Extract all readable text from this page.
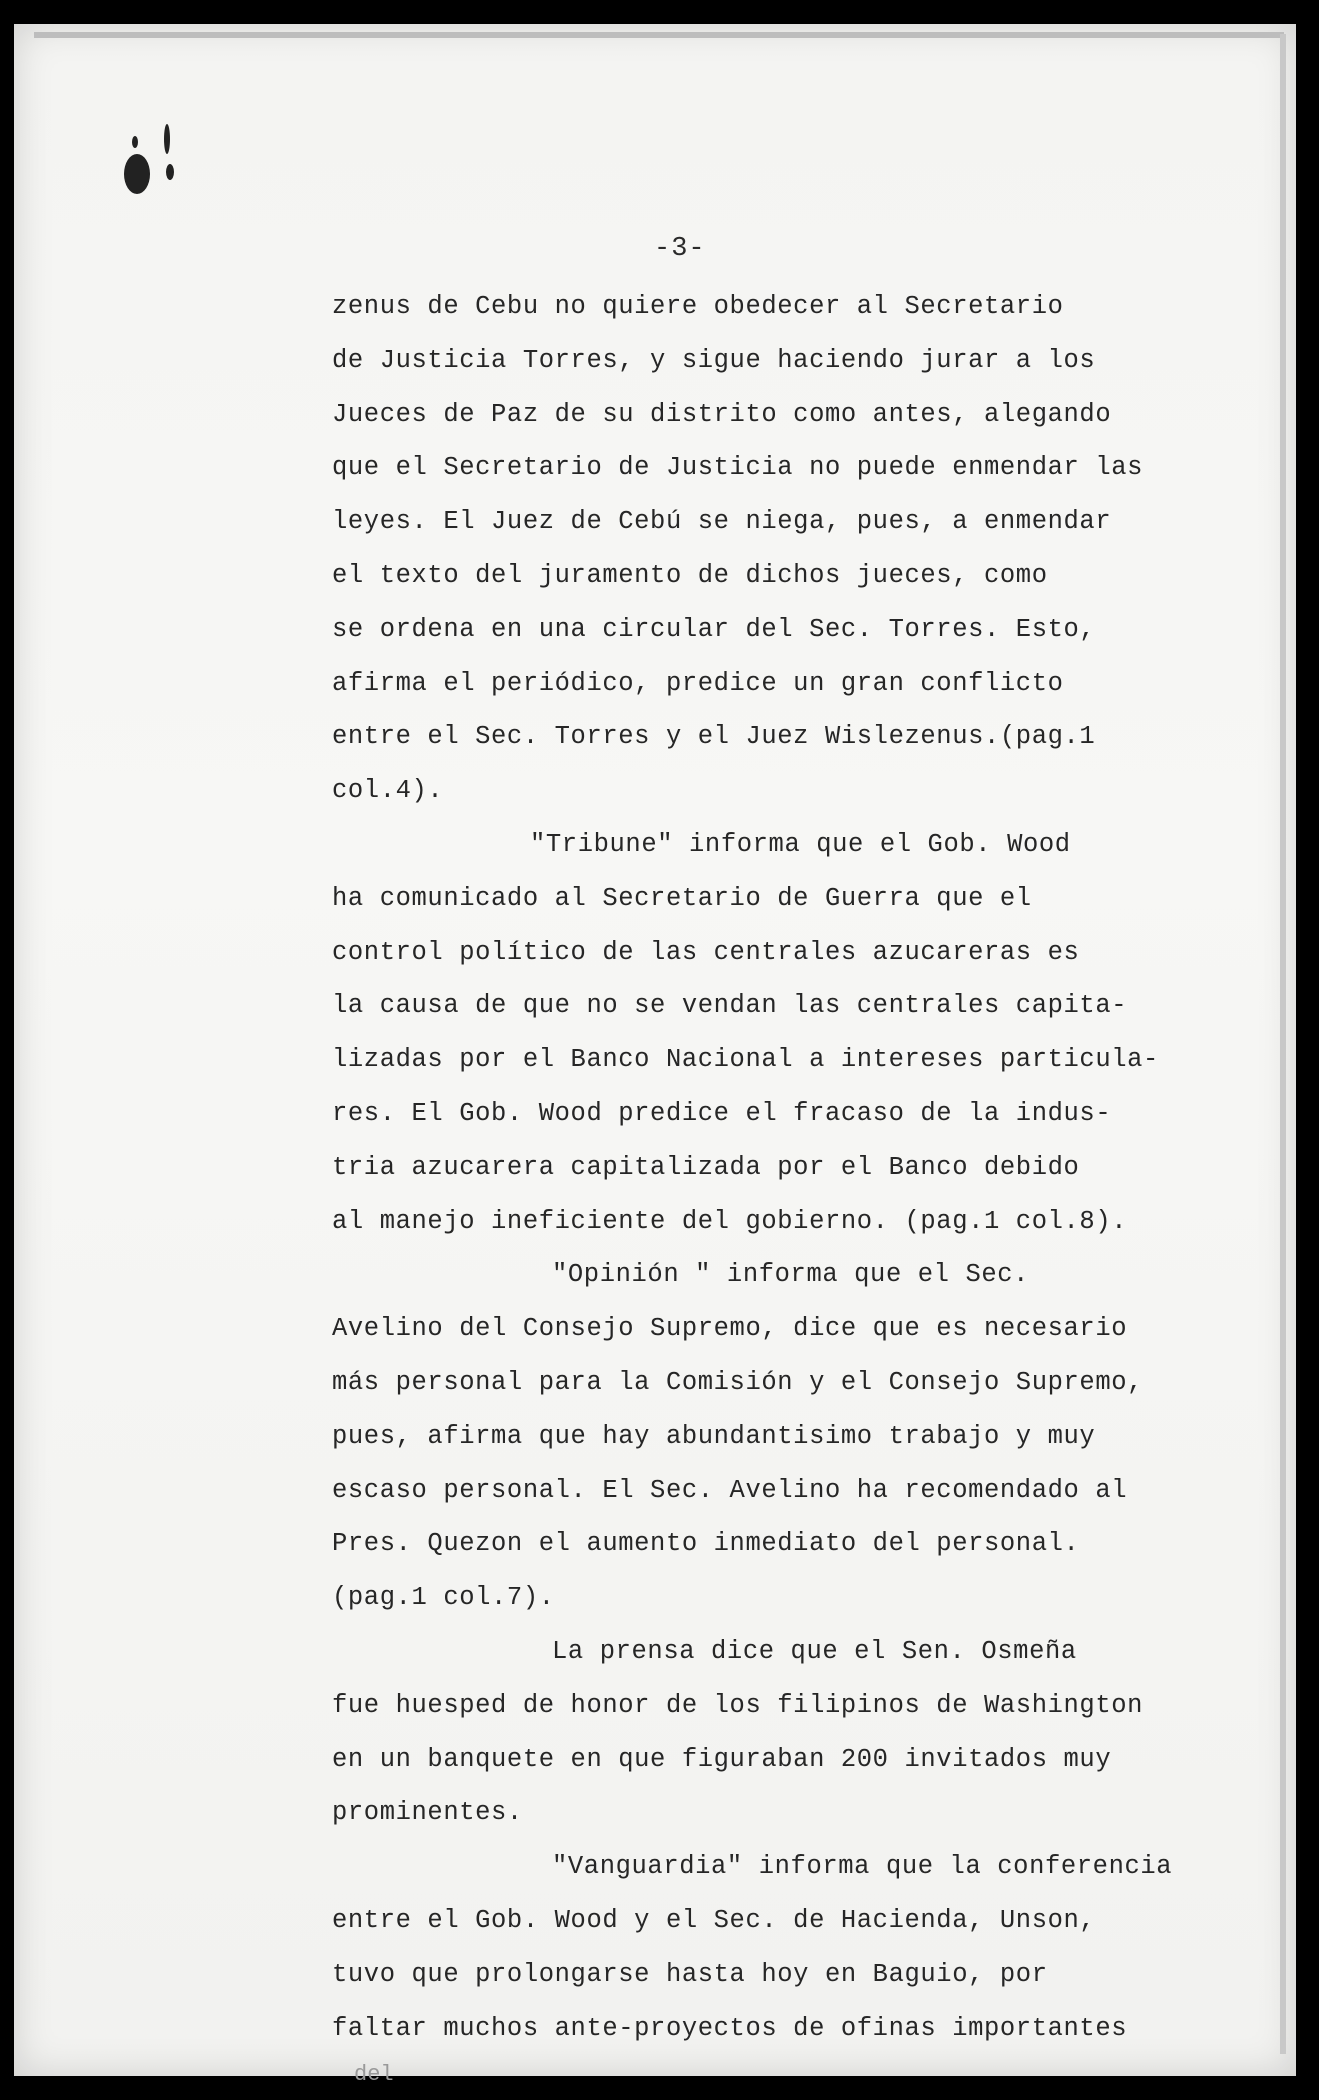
-3-
zenus de Cebu no quiere obedecer al Secretario
de Justicia Torres, y sigue haciendo jurar a los
Jueces de Paz de su distrito como antes, alegando
que el Secretario de Justicia no puede enmendar las
leyes. El Juez de Cebú se niega, pues, a enmendar
el texto del juramento de dichos jueces, como
se ordena en una circular del Sec. Torres. Esto,
afirma el periódico, predice un gran conflicto
entre el Sec. Torres y el Juez Wislezenus.(pag.1
col.4).
"Tribune" informa que el Gob. Wood
ha comunicado al Secretario de Guerra que el
control político de las centrales azucareras es
la causa de que no se vendan las centrales capita-
lizadas por el Banco Nacional a intereses particula-
res. El Gob. Wood predice el fracaso de la indus-
tria azucarera capitalizada por el Banco debido
al manejo ineficiente del gobierno. (pag.1 col.8).
"Opinión " informa que el Sec.
Avelino del Consejo Supremo, dice que es necesario
más personal para la Comisión y el Consejo Supremo,
pues, afirma que hay abundantisimo trabajo y muy
escaso personal. El Sec. Avelino ha recomendado al
Pres. Quezon el aumento inmediato del personal.
(pag.1 col.7).
La prensa dice que el Sen. Osmeña
fue huesped de honor de los filipinos de Washington
en un banquete en que figuraban 200 invitados muy
prominentes.
"Vanguardia" informa que la conferencia
entre el Gob. Wood y el Sec. de Hacienda, Unson,
tuvo que prolongarse hasta hoy en Baguio, por
faltar muchos ante-proyectos de ofinas importantes
del
